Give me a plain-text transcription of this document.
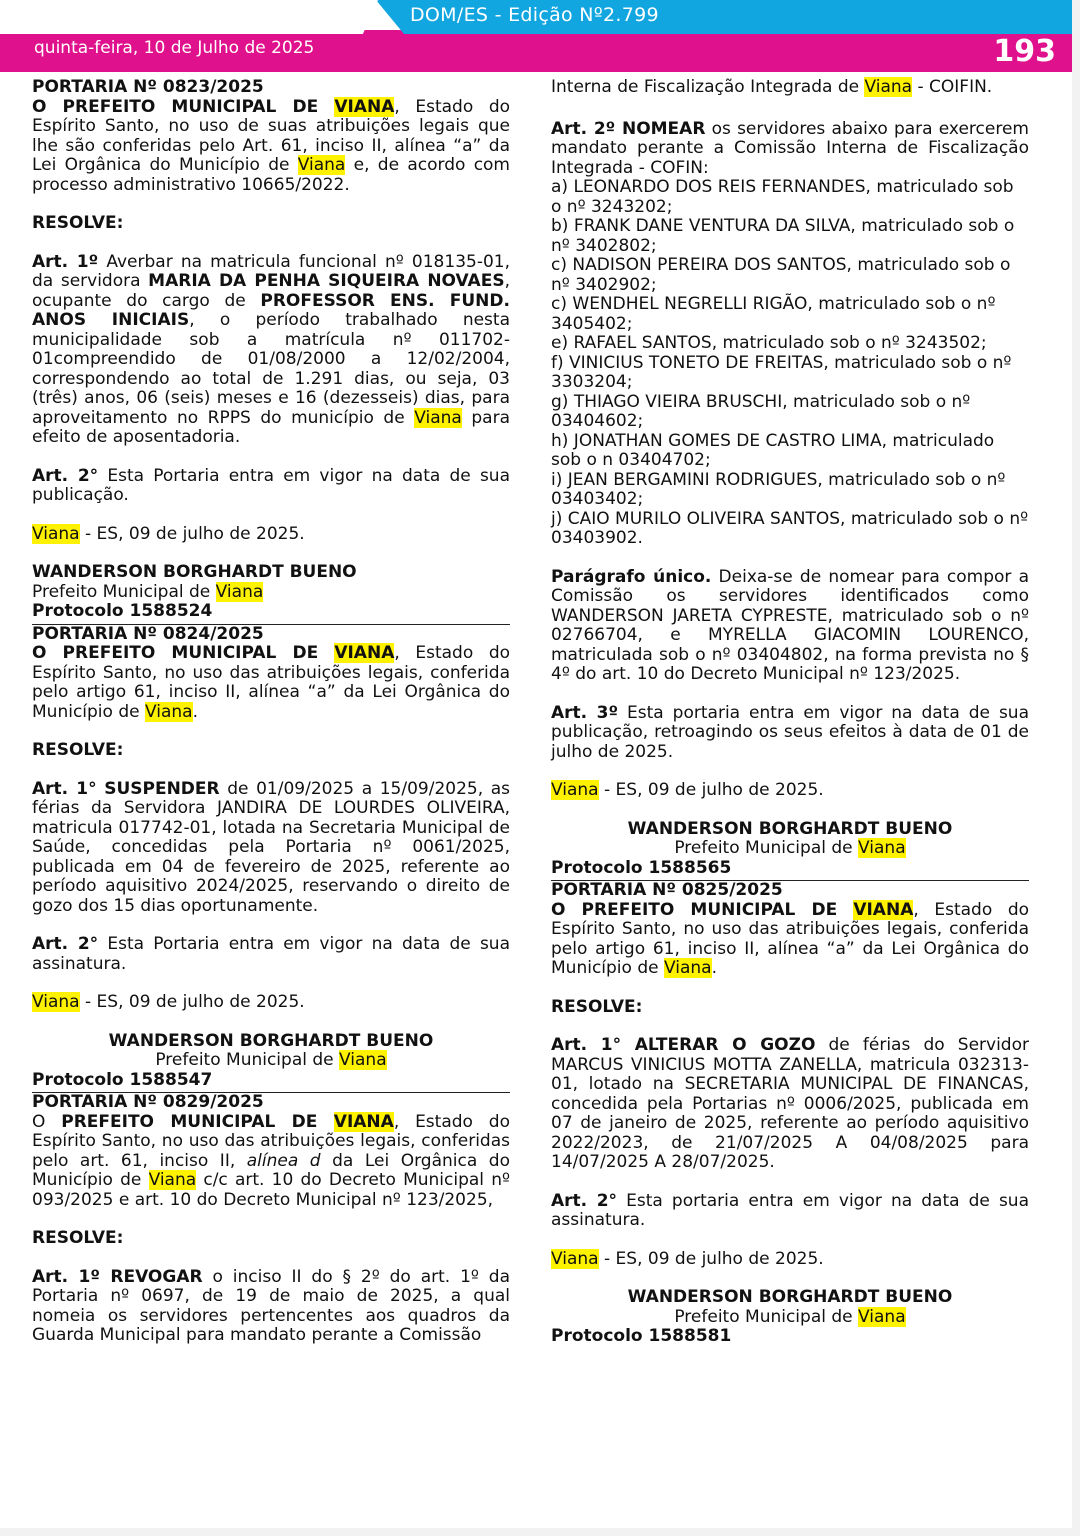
DOM/ES - Edição Nº2.799
quinta-feira, 10 de Julho de 2025	193

PORTARIA Nº 0823/2025

O PREFEITO MUNICIPAL DE VIANA, Estado do Espírito Santo, no uso de suas atribuições legais que lhe são conferidas pelo Art. 61, inciso II, alínea “a” da Lei Orgânica do Município de Viana e, de acordo com processo administrativo 10665/2022.

RESOLVE:

Art. 1º Averbar na matricula funcional nº 018135-01, da servidora MARIA DA PENHA SIQUEIRA NOVAES, ocupante do cargo de PROFESSOR ENS. FUND. ANOS INICIAIS, o período trabalhado nesta municipalidade sob a matrícula nº 011702-01compreendido de 01/08/2000 a 12/02/2004, correspondendo ao total de 1.291 dias, ou seja, 03 (três) anos, 06 (seis) meses e 16 (dezesseis) dias, para aproveitamento no RPPS do município de Viana para efeito de aposentadoria.

Art. 2° Esta Portaria entra em vigor na data de sua publicação.

Viana - ES, 09 de julho de 2025.

WANDERSON BORGHARDT BUENO

Prefeito Municipal de Viana

Protocolo 1588524

PORTARIA Nº 0824/2025

O PREFEITO MUNICIPAL DE VIANA, Estado do Espírito Santo, no uso das atribuições legais, conferida pelo artigo 61, inciso II, alínea “a” da Lei Orgânica do Município de Viana.

RESOLVE:

Art. 1° SUSPENDER de 01/09/2025 a 15/09/2025, as férias da Servidora JANDIRA DE LOURDES OLIVEIRA, matricula 017742-01, lotada na Secretaria Municipal de Saúde, concedidas pela Portaria nº 0061/2025, publicada em 04 de fevereiro de 2025, referente ao período aquisitivo 2024/2025, reservando o direito de gozo dos 15 dias oportunamente.

Art. 2° Esta Portaria entra em vigor na data de sua assinatura.

Viana - ES, 09 de julho de 2025.

WANDERSON BORGHARDT BUENO

Prefeito Municipal de Viana

Protocolo 1588547

PORTARIA Nº 0829/2025

O PREFEITO MUNICIPAL DE VIANA, Estado do Espírito Santo, no uso das atribuições legais, conferidas pelo art. 61, inciso II, alínea d da Lei Orgânica do Município de Viana c/c art. 10 do Decreto Municipal nº 093/2025 e art. 10 do Decreto Municipal nº 123/2025,

RESOLVE:

Art. 1º REVOGAR o inciso II do § 2º do art. 1º da Portaria nº 0697, de 19 de maio de 2025, a qual nomeia os servidores pertencentes aos quadros da Guarda Municipal para mandato perante a Comissão

Interna de Fiscalização Integrada de Viana - COIFIN.

Art. 2º NOMEAR os servidores abaixo para exercerem mandato perante a Comissão Interna de Fiscalização Integrada - COFIN:

a) LEONARDO DOS REIS FERNANDES, matriculado sob o nº 3243202;

b) FRANK DANE VENTURA DA SILVA, matriculado sob o nº 3402802;

c) NADISON PEREIRA DOS SANTOS, matriculado sob o nº 3402902;

c) WENDHEL NEGRELLI RIGÃO, matriculado sob o nº 3405402;

e) RAFAEL SANTOS, matriculado sob o nº 3243502;

f) VINICIUS TONETO DE FREITAS, matriculado sob o nº 3303204;

g) THIAGO VIEIRA BRUSCHI, matriculado sob o nº 03404602;

h) JONATHAN GOMES DE CASTRO LIMA, matriculado sob o n 03404702;

i) JEAN BERGAMINI RODRIGUES, matriculado sob o nº 03403402;

j) CAIO MURILO OLIVEIRA SANTOS, matriculado sob o nº 03403902.

Parágrafo único. Deixa-se de nomear para compor a Comissão os servidores identificados como WANDERSON JARETA CYPRESTE, matriculado sob o nº 02766704, e MYRELLA GIACOMIN LOURENCO, matriculada sob o nº 03404802, na forma prevista no § 4º do art. 10 do Decreto Municipal nº 123/2025.

Art. 3º Esta portaria entra em vigor na data de sua publicação, retroagindo os seus efeitos à data de 01 de julho de 2025.

Viana - ES, 09 de julho de 2025.

WANDERSON BORGHARDT BUENO

Prefeito Municipal de Viana

Protocolo 1588565

PORTARIA Nº 0825/2025

O PREFEITO MUNICIPAL DE VIANA, Estado do Espírito Santo, no uso das atribuições legais, conferida pelo artigo 61, inciso II, alínea “a” da Lei Orgânica do Município de Viana.

RESOLVE:

Art. 1° ALTERAR O GOZO de férias do Servidor MARCUS VINICIUS MOTTA ZANELLA, matricula 032313-01, lotado na SECRETARIA MUNICIPAL DE FINANCAS, concedida pela Portarias nº 0006/2025, publicada em 07 de janeiro de 2025, referente ao período aquisitivo 2022/2023, de 21/07/2025 A 04/08/2025 para 14/07/2025 A 28/07/2025.

Art. 2° Esta portaria entra em vigor na data de sua assinatura.

Viana - ES, 09 de julho de 2025.

WANDERSON BORGHARDT BUENO

Prefeito Municipal de Viana

Protocolo 1588581
